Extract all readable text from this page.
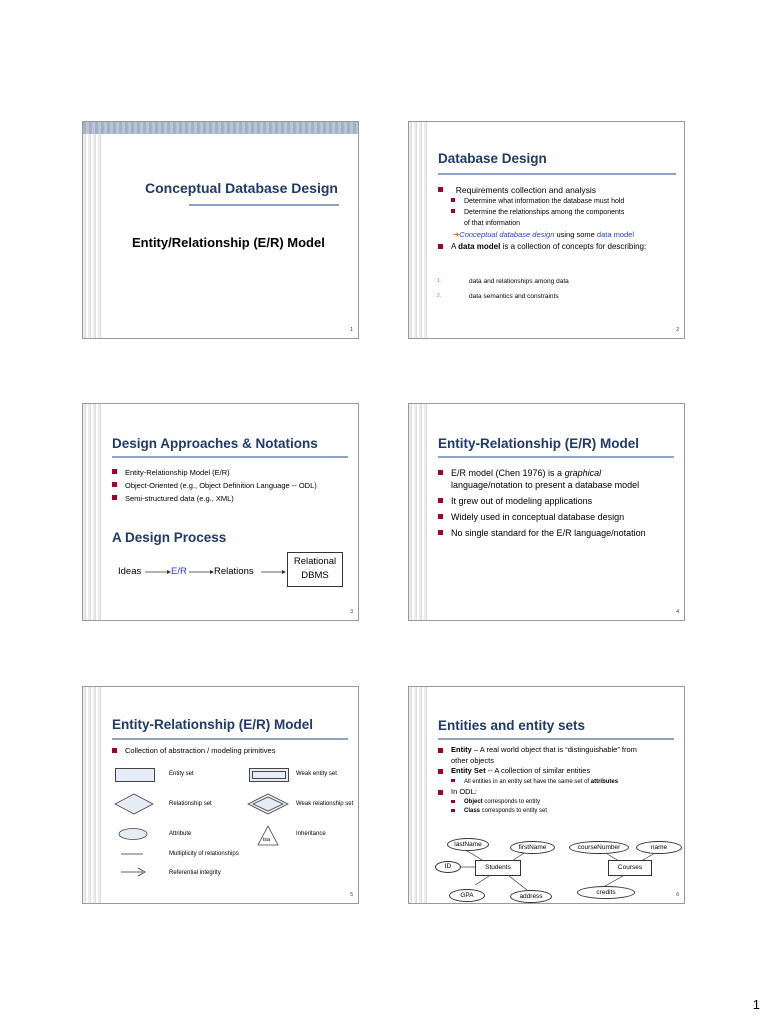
Conceptual Database Design
Entity/Relationship (E/R) Model
1
Database Design
Requirements collection and analysis
Determine what information the database must hold
Determine the relationships among the components
of that information
➔Conceptual database design using some data model
A data model is a collection of concepts for describing:
1.	data and relationships among data
2.	data semantics and constraints
2
Design Approaches & Notations
Entity-Relationship Model (E/R)
Object-Oriented (e.g., Object Definition Language -- ODL)
Semi-structured data (e.g., XML)
A Design Process
Ideas	E/R	Relations
Relational
DBMS
3
Entity-Relationship (E/R) Model
E/R model (Chen 1976) is a graphical
language/notation to present a database model
It grew out of modeling applications
Widely used in conceptual database design
No single standard for the E/R language/notation
4
Entity-Relationship (E/R) Model
Collection of abstraction / modeling primitives
Entity set	Weak entity set
Relationship set	Weak relationship set
Attribute
isa
Inheritance
Multiplicity of relationships
Referential integrity
5
Entities and entity sets
Entity – A real world object that is “distinguishable” from
other objects
Entity Set -- A collection of similar entities
All entities in an entity set have the same set of attributes
In ODL:
Object corresponds to entity
Class corresponds to entity set
lastName	firstName
ID	Students
GPA	address
courseNumber	name
Courses
credits	6
1
